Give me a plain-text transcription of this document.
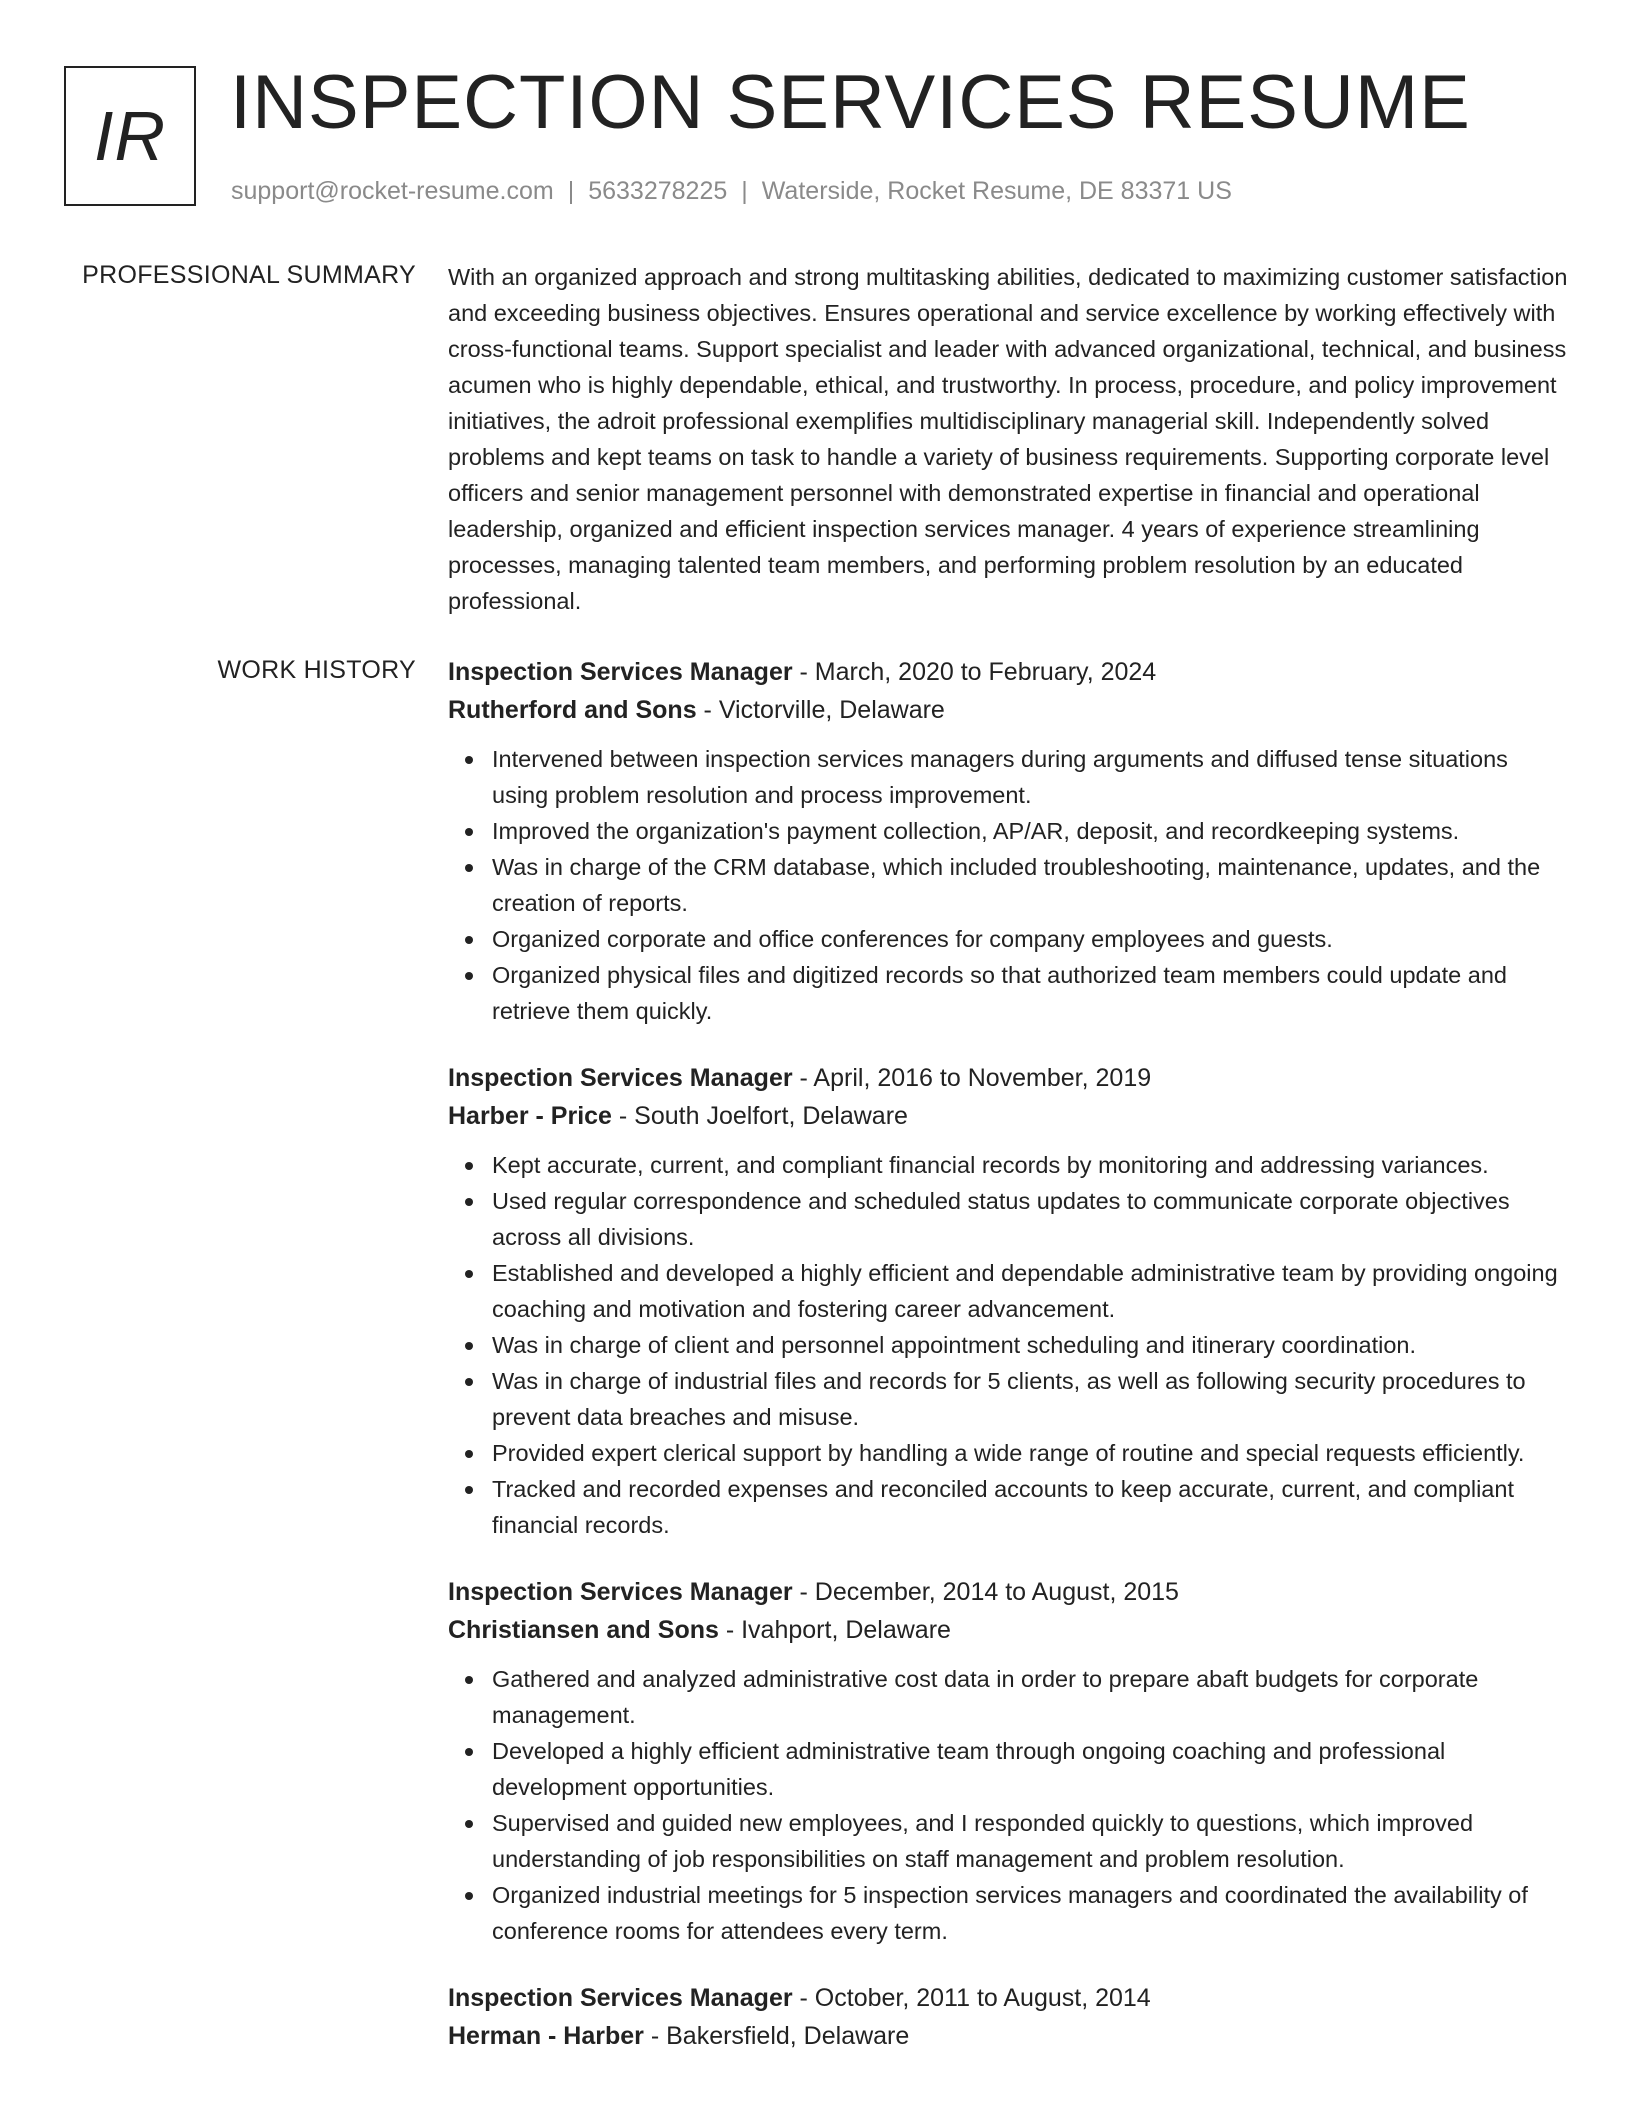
IR INSPECTION SERVICES RESUME
support@rocket-resume.com | 5633278225 | Waterside, Rocket Resume, DE 83371 US
PROFESSIONAL SUMMARY With an organized approach and strong multitasking abilities, dedicated to maximizing customer satisfaction and exceeding business objectives. Ensures operational and service excellence by working effectively with cross-functional teams. Support specialist and leader with advanced organizational, technical, and business acumen who is highly dependable, ethical, and trustworthy. In process, procedure, and policy improvement initiatives, the adroit professional exemplifies multidisciplinary managerial skill. Independently solved problems and kept teams on task to handle a variety of business requirements. Supporting corporate level officers and senior management personnel with demonstrated expertise in financial and operational leadership, organized and efficient inspection services manager. 4 years of experience streamlining processes, managing talented team members, and performing problem resolution by an educated professional.

WORK HISTORY Inspection Services Manager - March, 2020 to February, 2024
Rutherford and Sons - Victorville, Delaware
Intervened between inspection services managers during arguments and diffused tense situations using problem resolution and process improvement.
Improved the organization's payment collection, AP/AR, deposit, and recordkeeping systems.
Was in charge of the CRM database, which included troubleshooting, maintenance, updates, and the creation of reports.
Organized corporate and office conferences for company employees and guests.
Organized physical files and digitized records so that authorized team members could update and retrieve them quickly.
Inspection Services Manager - April, 2016 to November, 2019
Harber - Price - South Joelfort, Delaware
Kept accurate, current, and compliant financial records by monitoring and addressing variances.
Used regular correspondence and scheduled status updates to communicate corporate objectives across all divisions.
Established and developed a highly efficient and dependable administrative team by providing ongoing coaching and motivation and fostering career advancement.
Was in charge of client and personnel appointment scheduling and itinerary coordination.
Was in charge of industrial files and records for 5 clients, as well as following security procedures to prevent data breaches and misuse.
Provided expert clerical support by handling a wide range of routine and special requests efficiently.
Tracked and recorded expenses and reconciled accounts to keep accurate, current, and compliant financial records.
Inspection Services Manager - December, 2014 to August, 2015
Christiansen and Sons - Ivahport, Delaware
Gathered and analyzed administrative cost data in order to prepare abaft budgets for corporate management.
Developed a highly efficient administrative team through ongoing coaching and professional development opportunities.
Supervised and guided new employees, and I responded quickly to questions, which improved understanding of job responsibilities on staff management and problem resolution.
Organized industrial meetings for 5 inspection services managers and coordinated the availability of conference rooms for attendees every term.
Inspection Services Manager - October, 2011 to August, 2014
Herman - Harber - Bakersfield, Delaware
